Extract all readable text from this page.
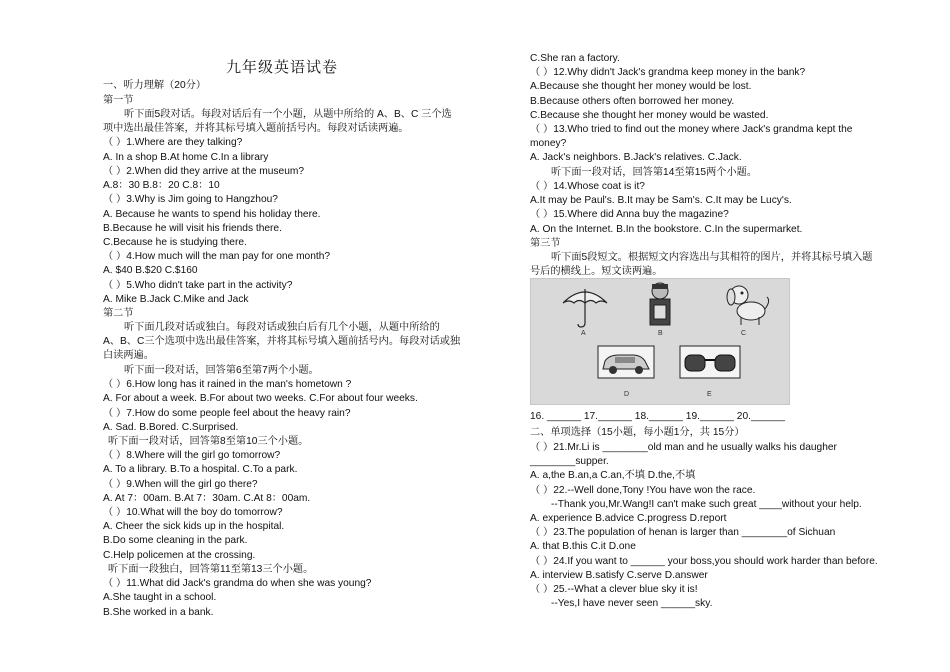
九年级英语试卷
一、听力理解（20分）
第一节
听下面5段对话。每段对话后有一个小题，从题中所给的 A、B、C 三个选
项中选出最佳答案，并将其标号填入题前括号内。每段对话读两遍。
（ ）1.Where are they talking?
A. In a shop B.At home C.In a library
（ ）2.When did they arrive at the museum?
A.8：30 B.8：20 C.8：10
（ ）3.Why is Jim going to Hangzhou?
A. Because he wants to spend his holiday there.
B.Because he will visit his friends there.
C.Because he is studying there.
（ ）4.How much will the man pay for one month?
A. $40 B.$20 C.$160
（ ）5.Who didn't take part in the activity?
A. Mike B.Jack C.Mike and Jack
第二节
听下面几段对话或独白。每段对话或独白后有几个小题，从题中所给的
A、B、C三个选项中选出最佳答案，并将其标号填入题前括号内。每段对话或独
白读两遍。
听下面一段对话，回答第6至第7两个小题。
（ ）6.How long has it rained in the man's hometown ?
A. For about a week. B.For about two weeks. C.For about four weeks.
（ ）7.How do some people feel about the heavy rain?
A. Sad. B.Bored. C.Surprised.
听下面一段对话，回答第8至第10三个小题。
（ ）8.Where will the girl go tomorrow?
A. To a library. B.To a hospital. C.To a park.
（ ）9.When will the girl go there?
A. At 7：00am. B.At 7：30am. C.At 8：00am.
（ ）10.What will the boy do tomorrow?
A. Cheer the sick kids up in the hospital.
B.Do some cleaning in the park.
C.Help policemen at the crossing.
听下面一段独白，回答第11至第13三个小题。
（ ）11.What did Jack's grandma do when she was young?
A.She taught in a school.
B.She worked in a bank.
C.She ran a factory.
（ ）12.Why didn't Jack's grandma keep money in the bank?
A.Because she thought her money would be lost.
B.Because others often borrowed her money.
C.Because she thought her money would be wasted.
（ ）13.Who tried to find out the money where Jack's grandma kept the
money?
A. Jack's neighbors. B.Jack's relatives. C.Jack.
听下面一段对话，回答第14至第15两个小题。
（ ）14.Whose coat is it?
A.It may be Paul's. B.It may be Sam's. C.It may be Lucy's.
（ ）15.Where did Anna buy the magazine?
A. On the Internet. B.In the bookstore. C.In the supermarket.
第三节
听下面5段短文。根据短文内容选出与其相符的图片，并将其标号填入题
号后的横线上。短文读两遍。
16. ______ 17.______ 18.______ 19.______ 20.______
二、单项选择（15小题，每小题1分，共 15分）
（ ）21.Mr.Li is ________old man and he usually walks his daugher
________supper.
A. a,the B.an,a C.an,不填 D.the,不填
（ ）22.--Well done,Tony !You have won the race.
--Thank you,Mr.Wang!I can't make such great ____without your help.
A. experience B.advice C.progress D.report
（ ）23.The population of henan is larger than ________of Sichuan
A. that B.this C.it D.one
（ ）24.If you want to ______ your boss,you should work harder than before.
A. interview B.satisfy C.serve D.answer
（ ）25.--What a clever blue sky it is!
--Yes,I have never seen ______sky.
A	B	C
D	E
